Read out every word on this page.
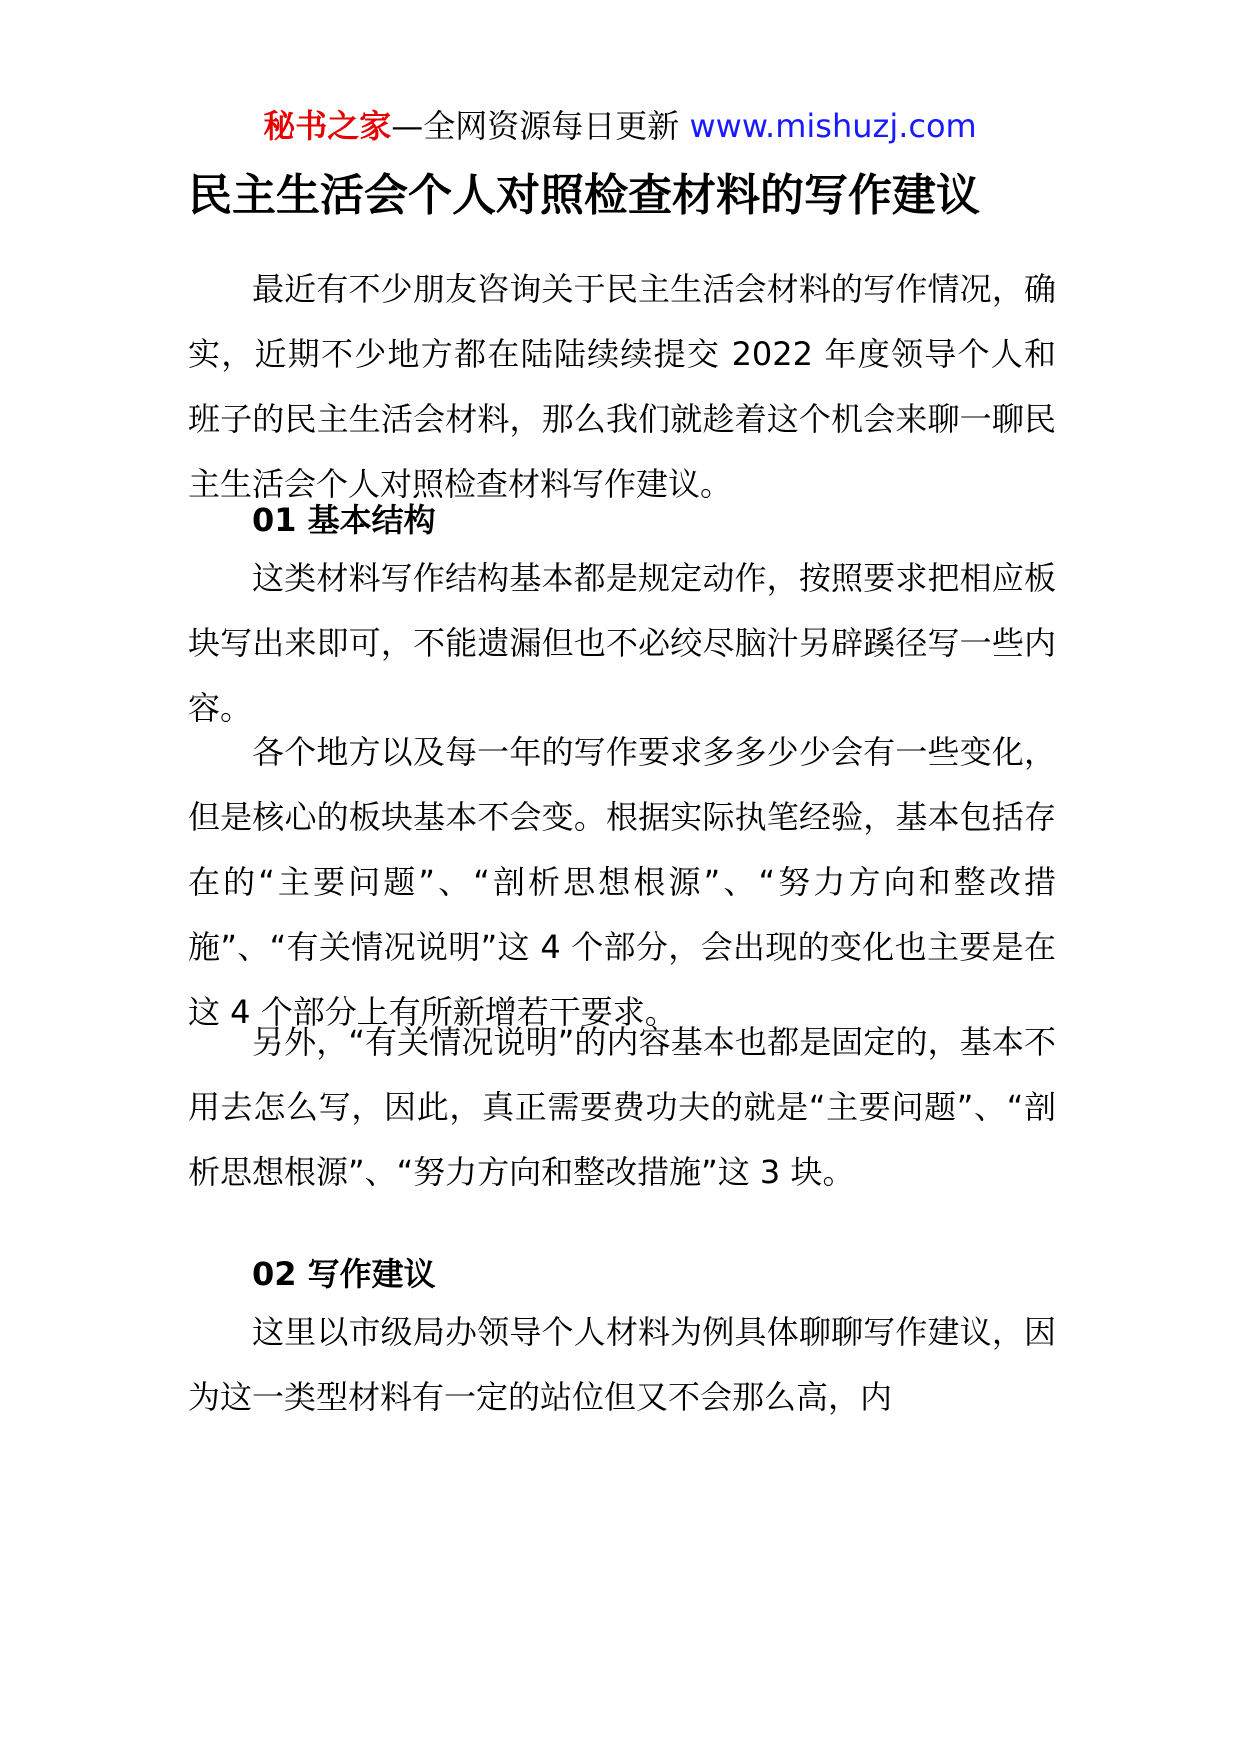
秘书之家—全网资源每日更新 www.mishuzj.com
民主生活会个人对照检查材料的写作建议

最近有不少朋友咨询关于民主生活会材料的写作情况，确实，近期不少地方都在陆陆续续提交 2022 年度领导个人和班子的民主生活会材料，那么我们就趁着这个机会来聊一聊民主生活会个人对照检查材料写作建议。

01 基本结构

这类材料写作结构基本都是规定动作，按照要求把相应板块写出来即可，不能遗漏但也不必绞尽脑汁另辟蹊径写一些内容。

各个地方以及每一年的写作要求多多少少会有一些变化，但是核心的板块基本不会变。根据实际执笔经验，基本包括存在的“主要问题”、“剖析思想根源”、“努力方向和整改措施”、“有关情况说明”这 4 个部分，会出现的变化也主要是在这 4 个部分上有所新增若干要求。

另外，“有关情况说明”的内容基本也都是固定的，基本不用去怎么写，因此，真正需要费功夫的就是“主要问题”、“剖析思想根源”、“努力方向和整改措施”这 3 块。

02 写作建议

这里以市级局办领导个人材料为例具体聊聊写作建议，因为这一类型材料有一定的站位但又不会那么高，内
